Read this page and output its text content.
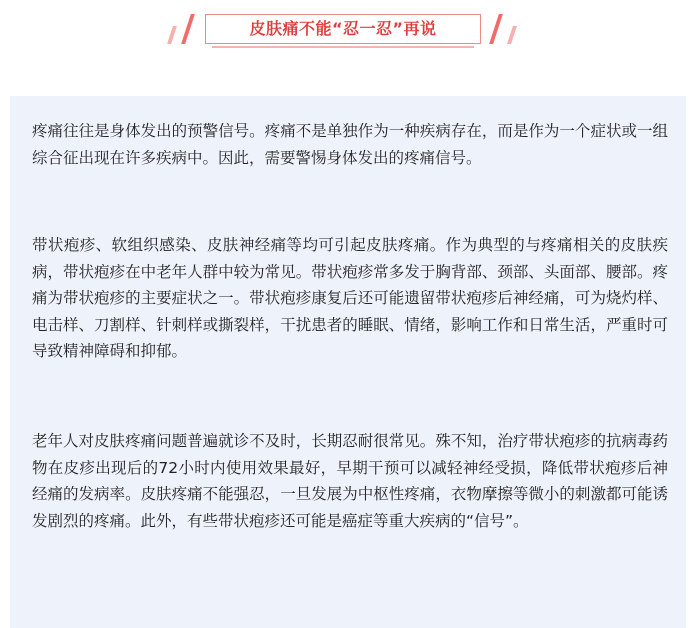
皮肤痛不能“忍一忍”再说

疼痛往往是身体发出的预警信号。疼痛不是单独作为一种疾病存在，而是作为一个症状或一组综合征出现在许多疾病中。因此，需要警惕身体发出的疼痛信号。

带状疱疹、软组织感染、皮肤神经痛等均可引起皮肤疼痛。作为典型的与疼痛相关的皮肤疾病，带状疱疹在中老年人群中较为常见。带状疱疹常多发于胸背部、颈部、头面部、腰部。疼痛为带状疱疹的主要症状之一。带状疱疹康复后还可能遗留带状疱疹后神经痛，可为烧灼样、电击样、刀割样、针刺样或撕裂样，干扰患者的睡眠、情绪，影响工作和日常生活，严重时可导致精神障碍和抑郁。

老年人对皮肤疼痛问题普遍就诊不及时，长期忍耐很常见。殊不知，治疗带状疱疹的抗病毒药物在皮疹出现后的72小时内使用效果最好，早期干预可以减轻神经受损，降低带状疱疹后神经痛的发病率。皮肤疼痛不能强忍，一旦发展为中枢性疼痛，衣物摩擦等微小的刺激都可能诱发剧烈的疼痛。此外，有些带状疱疹还可能是癌症等重大疾病的“信号”。
